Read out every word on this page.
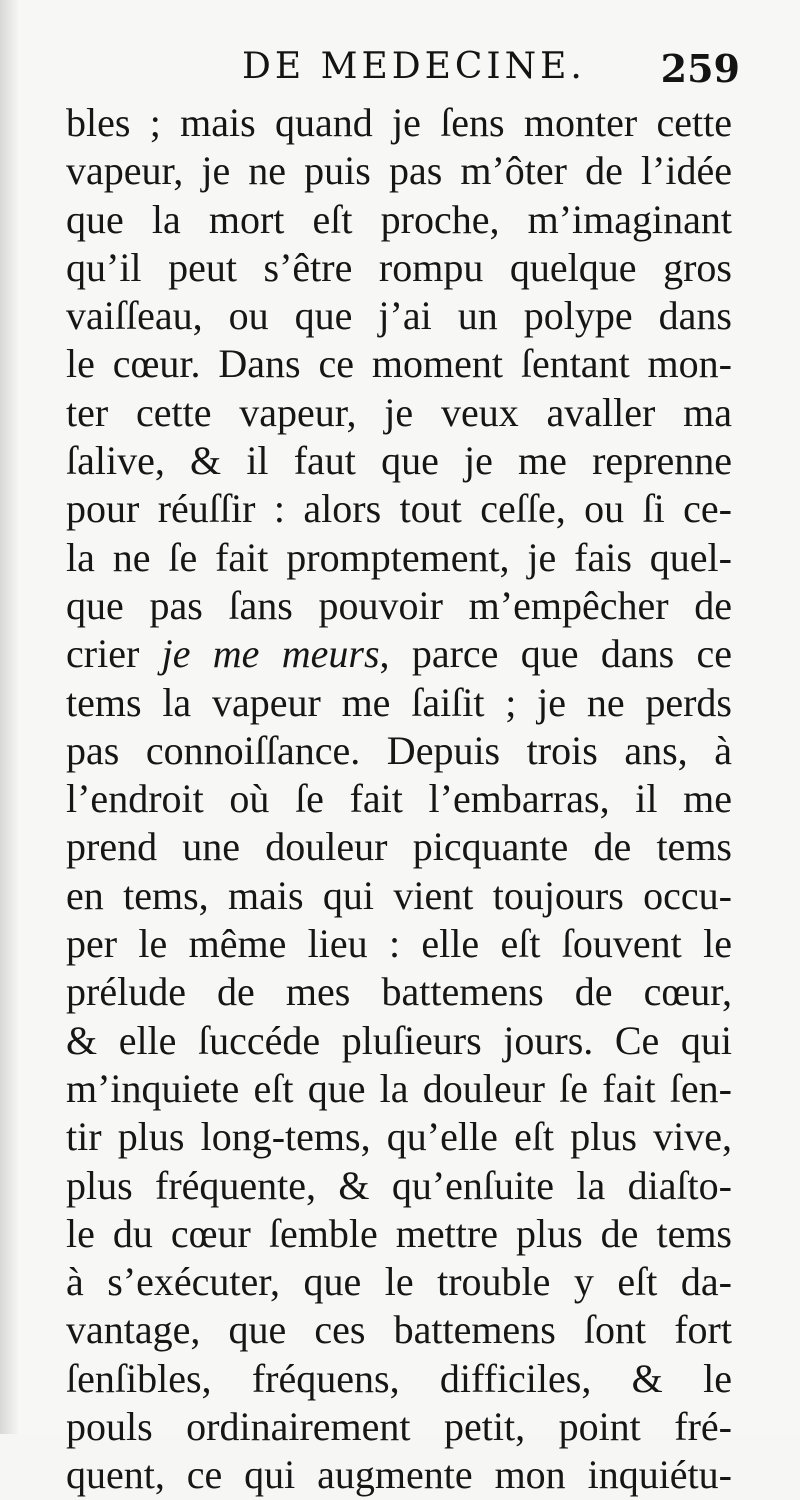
DE MEDECINE. 259
bles ; mais quand je ſens monter cette
vapeur, je ne puis pas m’ôter de l’idée
que la mort eſt proche, m’imaginant
qu’il peut s’être rompu quelque gros
vaiſſeau, ou que j’ai un polype dans
le cœur. Dans ce moment ſentant mon-
ter cette vapeur, je veux avaller ma
ſalive, & il faut que je me reprenne
pour réuſſir : alors tout ceſſe, ou ſi ce-
la ne ſe fait promptement, je fais quel-
que pas ſans pouvoir m’empêcher de
crier je me meurs, parce que dans ce
tems la vapeur me ſaiſit ; je ne perds
pas connoiſſance. Depuis trois ans, à
l’endroit où ſe fait l’embarras, il me
prend une douleur picquante de tems
en tems, mais qui vient toujours occu-
per le même lieu : elle eſt ſouvent le
prélude de mes battemens de cœur,
& elle ſuccéde pluſieurs jours. Ce qui
m’inquiete eſt que la douleur ſe fait ſen-
tir plus long-tems, qu’elle eſt plus vive,
plus fréquente, & qu’enſuite la diaſto-
le du cœur ſemble mettre plus de tems
à s’exécuter, que le trouble y eſt da-
vantage, que ces battemens ſont fort
ſenſibles, fréquens, difficiles, & le
pouls ordinairement petit, point fré-
quent, ce qui augmente mon inquiétu-
